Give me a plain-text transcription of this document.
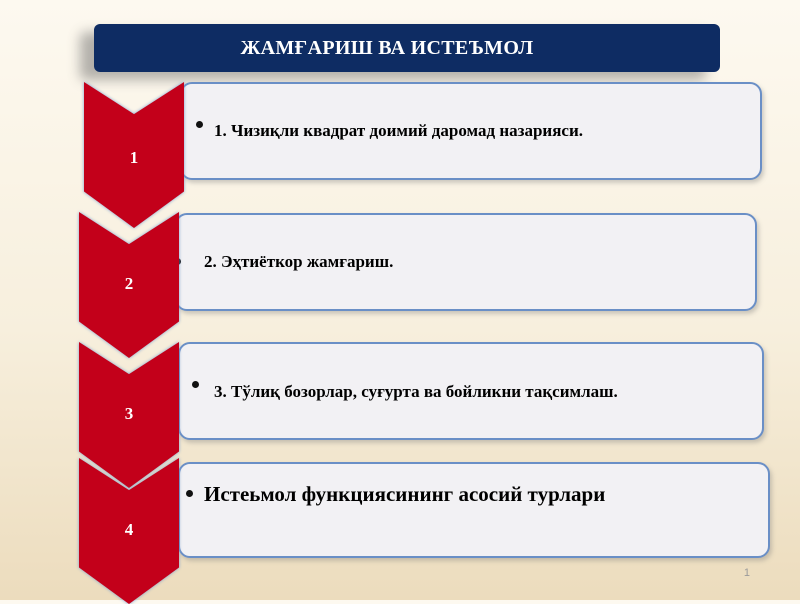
ЖАМҒАРИШ ВА ИСТЕЪМОЛ
1. Чизиқли квадрат доимий даромад назарияси.
1
2. Эҳтиёткор жамғариш.
2
3. Тўлиқ бозорлар, суғурта ва бойликни тақсимлаш.
3
Истеьмол функциясининг асосий турлари
4
1
